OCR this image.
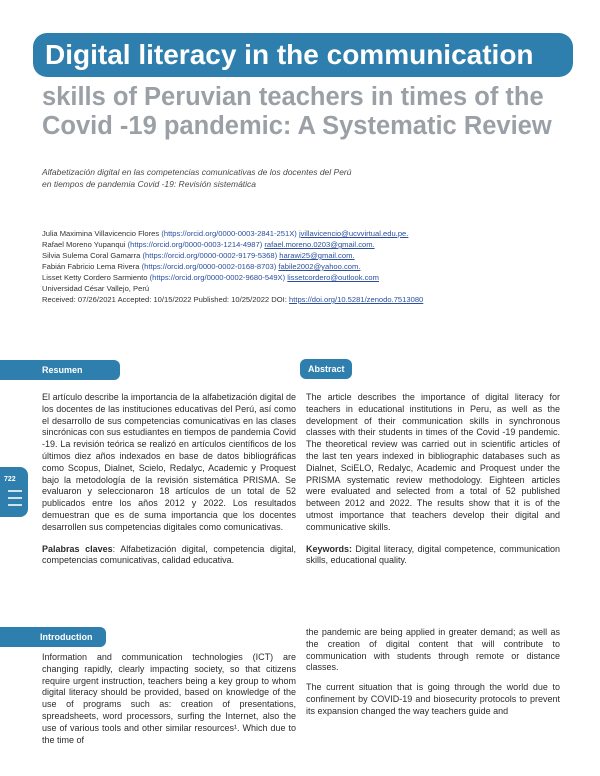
Digital literacy in the communication
skills of Peruvian teachers in times of the
Covid -19 pandemic: A Systematic Review
Alfabetización digital en las competencias comunicativas de los docentes del Perú
en tiempos de pandemia Covid -19: Revisión sistemática
Julia Maximina Villavicencio Flores (https://orcid.org/0000-0003-2841-251X) jvillavicencio@ucvvirtual.edu.pe.
Rafael Moreno Yupanqui (https://orcid.org/0000-0003-1214-4987) rafael.moreno.0203@gmail.com.
Silvia Sulema Coral Gamarra (https://orcid.org/0000-0002-9179-5368) harawi25@gmail.com.
Fabián Fabricio Lema Rivera (https://orcid.org/0000-0002-0168-8703) fabile2002@yahoo.com.
Lisset Ketty Cordero Sarmiento (https://orcid.org/0000-0002-9680-549X) lissetcordero@outlook.com
Universidad César Vallejo, Perú
Received: 07/26/2021 Accepted: 10/15/2022 Published: 10/25/2022 DOI: https://doi.org/10.5281/zenodo.7513080
Resumen	Abstract

El artículo describe la importancia de la alfabetización digital de los docentes de las instituciones educativas del Perú, así como el desarrollo de sus competencias comunicativas en las clases sincrónicas con sus estudiantes en tiempos de pandemia Covid -19. La revisión teórica se realizó en artículos científicos de los últimos diez años indexados en base de datos bibliográficas como Scopus, Dialnet, Scielo, Redalyc, Academic y Proquest bajo la metodología de la revisión sistemática PRISMA. Se evaluaron y seleccionaron 18 artículos de un total de 52 publicados entre los años 2012 y 2022. Los resultados demuestran que es de suma importancia que los docentes desarrollen sus competencias digitales como comunicativas.

Palabras claves: Alfabetización digital, competencia digital, competencias comunicativas, calidad educativa.

The article describes the importance of digital literacy for teachers in educational institutions in Peru, as well as the development of their communication skills in synchronous classes with their students in times of the Covid -19 pandemic. The theoretical review was carried out in scientific articles of the last ten years indexed in bibliographic databases such as Dialnet, SciELO, Redalyc, Academic and Proquest under the PRISMA systematic review methodology. Eighteen articles were evaluated and selected from a total of 52 published between 2012 and 2022. The results show that it is of the utmost importance that teachers develop their digital and communicative skills.

Keywords: Digital literacy, digital competence, communication skills, educational quality.

722
Introduction

Information and communication technologies (ICT) are changing rapidly, clearly impacting society, so that citizens require urgent instruction, teachers being a key group to whom digital literacy should be provided, based on knowledge of the use of programs such as: creation of presentations, spreadsheets, word processors, surfing the Internet, also the use of various tools and other similar resources¹. Which due to the time of

the pandemic are being applied in greater demand; as well as the creation of digital content that will contribute to communication with students through remote or distance classes.

The current situation that is going through the world due to confinement by COVID-19 and biosecurity protocols to prevent its expansion changed the way teachers guide and
